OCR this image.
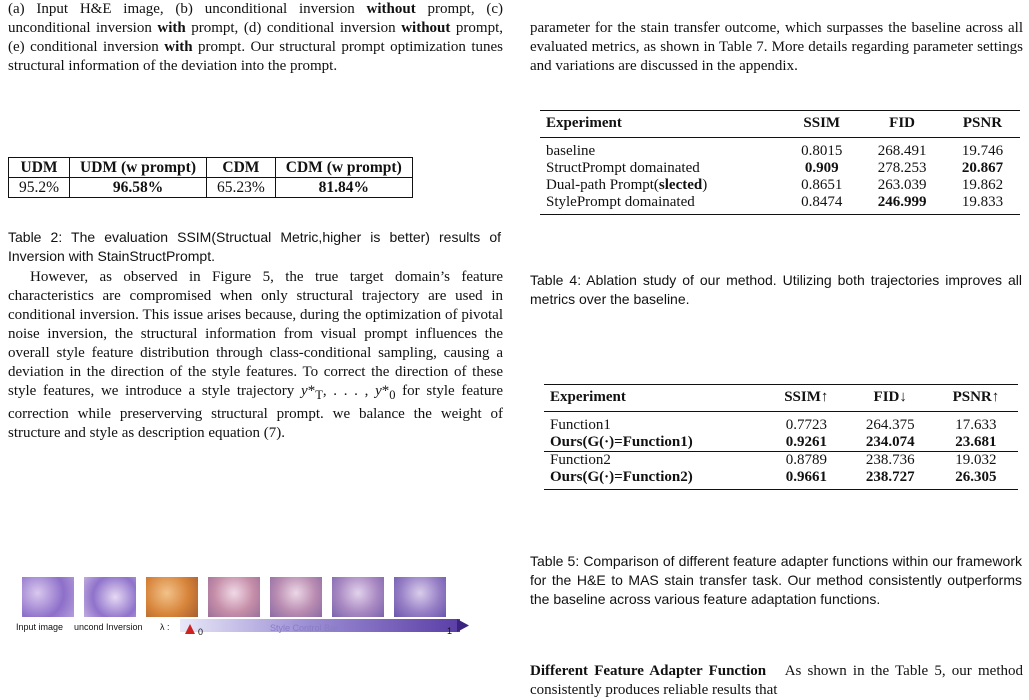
(a) Input H&E image, (b) unconditional inversion without prompt, (c) unconditional inversion with prompt, (d) conditional inversion without prompt, (e) conditional inversion with prompt. Our structural prompt optimization tunes structural information of the deviation into the prompt.

UDM	UDM (w prompt)	CDM	CDM (w prompt)
95.2%	96.58%	65.23%	81.84%

Table 2: The evaluation SSIM(Structual Metric,higher is better) results of Inversion with StainStructPrompt.

However, as observed in Figure 5, the true target domain’s feature characteristics are compromised when only structural trajectory are used in conditional inversion. This issue arises because, during the optimization of pivotal noise inversion, the structural information from visual prompt influences the overall style feature distribution through class-conditional sampling, causing a deviation in the direction of the style features. To correct the direction of these style features, we introduce a style trajectory $y*_T$, . . . , $y*_0$ for style feature correction while preserverving structural prompt. we balance the weight of structure and style as description equation (7).

Input image uncond Inversion λ :	0	Style Control Bar	1

parameter for the stain transfer outcome, which surpasses the baseline across all evaluated metrics, as shown in Table 7. More details regarding parameter settings and variations are discussed in the appendix.

Experiment	SSIM	FID	PSNR
baseline	0.8015	268.491	19.746
StructPrompt domainated	0.909	278.253	20.867
Dual-path Prompt(slected)	0.8651	263.039	19.862
StylePrompt domainated	0.8474	246.999	19.833

Table 4: Ablation study of our method. Utilizing both trajectories improves all metrics over the baseline.

Experiment	SSIM↑	FID↓	PSNR↑
Function1	0.7723	264.375	17.633
Ours(G(·)=Function1)	0.9261	234.074	23.681
Function2	0.8789	238.736	19.032
Ours(G(·)=Function2)	0.9661	238.727	26.305

Table 5: Comparison of different feature adapter functions within our framework for the H&E to MAS stain transfer task. Our method consistently outperforms the baseline across various feature adaptation functions.

Different Feature Adapter Function As shown in the Table 5, our method consistently produces reliable results that
